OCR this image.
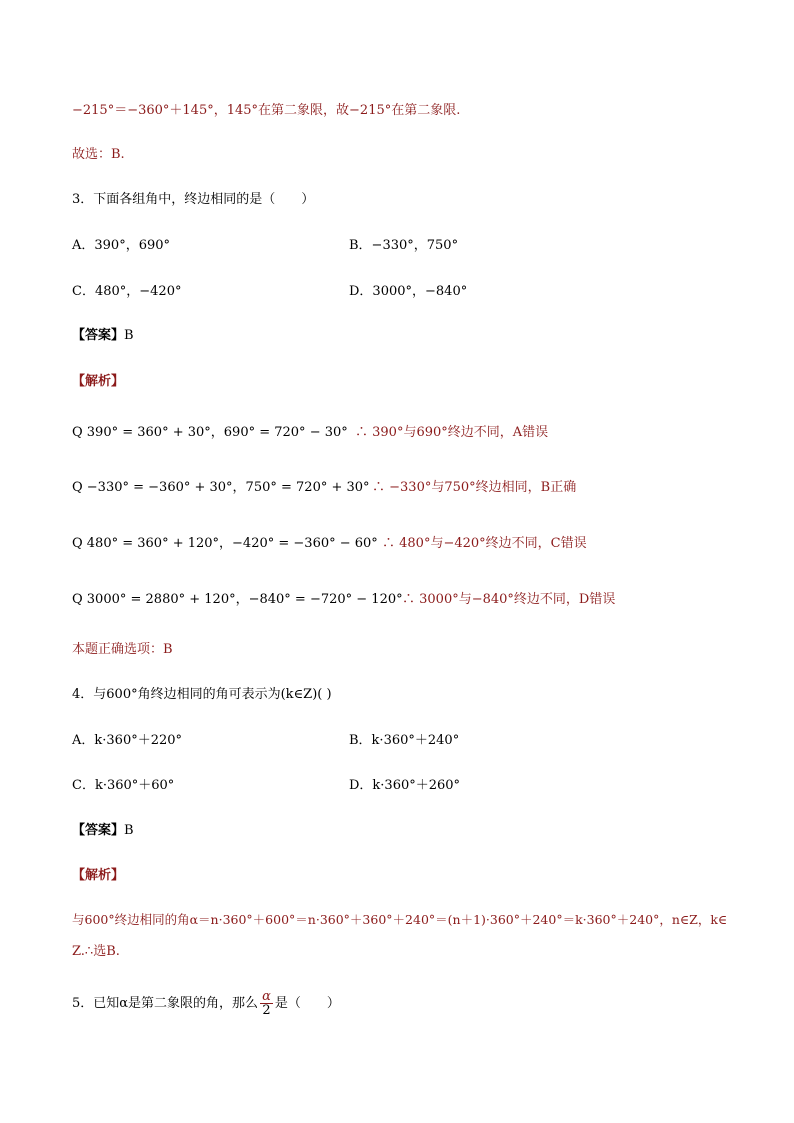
−215°＝−360°＋145°，145°在第二象限，故−215°在第二象限.
故选：B.
3．下面各组角中，终边相同的是（　　）
A．390°，690°	B．−330°，750°
C．480°，−420°	D．3000°，−840°
【答案】B
【解析】
Q 390° = 360° + 30°，690° = 720° − 30° ∴ 390°与690°终边不同，A错误
Q −330° = −360° + 30°，750° = 720° + 30° ∴ −330°与750°终边相同，B正确
Q 480° = 360° + 120°，−420° = −360° − 60° ∴ 480°与−420°终边不同，C错误
Q 3000° = 2880° + 120°，−840° = −720° − 120° ∴ 3000°与−840°终边不同，D错误
本题正确选项：B
4．与600°角终边相同的角可表示为(k∈Z)( )
A．k·360°＋220°	B．k·360°＋240°
C．k·360°＋60°	D．k·360°＋260°
【答案】B
【解析】
与600°终边相同的角α＝n·360°＋600°＝n·360°＋360°＋240°＝(n＋1)·360°＋240°＝k·360°＋240°，n∈Z，k∈
Z.∴选B.
5．已知α是第二象限的角，那么 $\frac{\alpha}{2}$ 是（　　）
